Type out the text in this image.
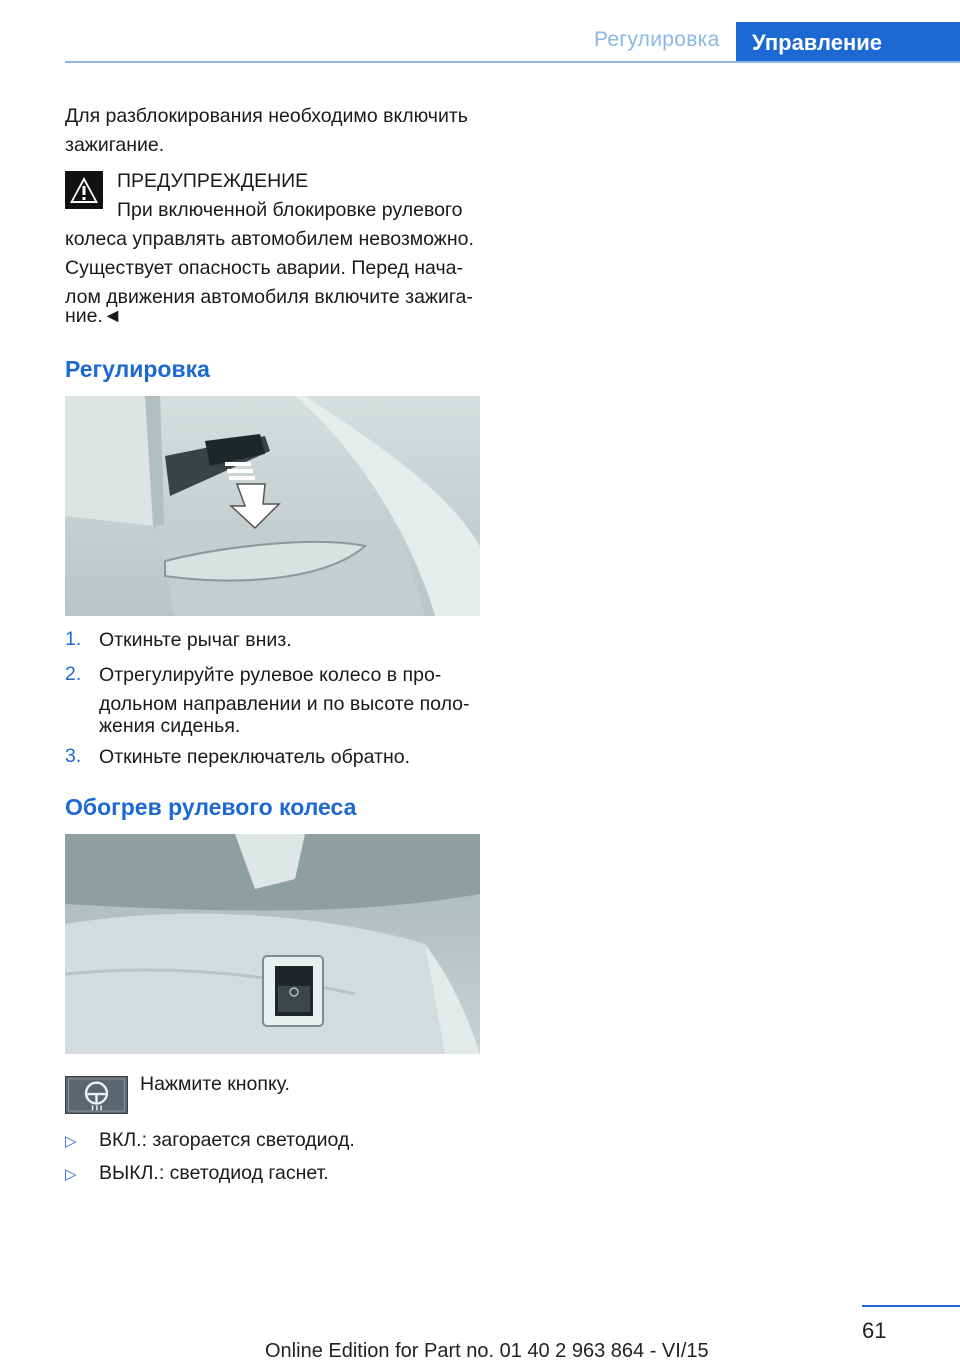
Регулировка	Управление
Для разблокирования необходимо включить
зажигание.
ПРЕДУПРЕЖДЕНИЕ
При включенной блокировке рулевого
колеса управлять автомобилем невозможно.
Существует опасность аварии. Перед нача-
лом движения автомобиля включите зажига-
ние.◄
Регулировка
1. Откиньте рычаг вниз.
2. Отрегулируйте рулевое колесо в про-
дольном направлении и по высоте поло-
жения сиденья.
3. Откиньте переключатель обратно.
Обогрев рулевого колеса
Нажмите кнопку.
▷ ВКЛ.: загорается светодиод.
▷ ВЫКЛ.: светодиод гаснет.
61
Online Edition for Part no. 01 40 2 963 864 - VI/15
